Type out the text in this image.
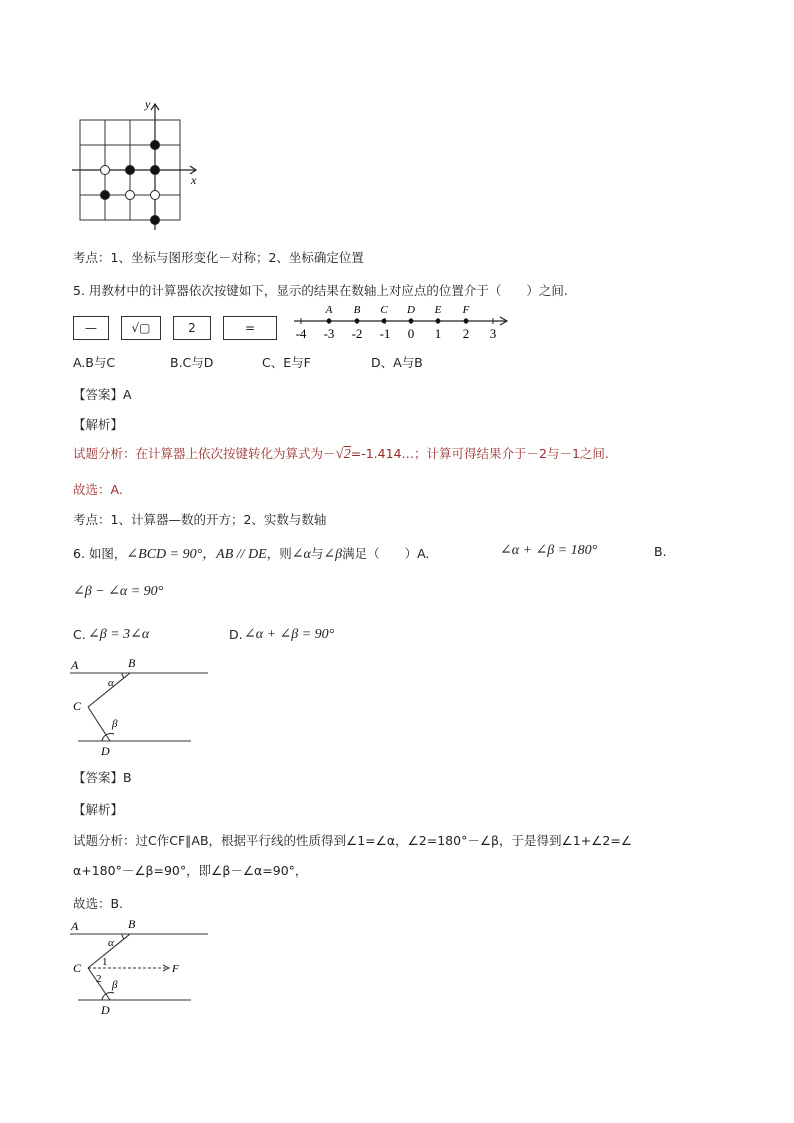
y
x
考点：1、坐标与图形变化－对称；2、坐标确定位置
5. 用教材中的计算器依次按键如下，显示的结果在数轴上对应点的位置介于（　　）之间.
—	√▢	2	=
A B C D E F
-4 -3 -2 -1 0 1 2 3
A.B与C	B.C与D	C、E与F	D、A与B
【答案】A
【解析】
试题分析：在计算器上依次按键转化为算式为－√2=-1.414…；计算可得结果介于－2与－1之间.
故选：A.
考点：1、计算器—数的开方；2、实数与数轴
6. 如图，∠BCD = 90°，AB // DE，则∠α与∠β满足（　　）A.	∠α + ∠β = 180°	B.
∠β − ∠α = 90°
C. ∠β = 3∠α	D. ∠α + ∠β = 90°
A	B
α
C
β
D
【答案】B
【解析】
试题分析：过C作CF∥AB，根据平行线的性质得到∠1=∠α，∠2=180°－∠β，于是得到∠1+∠2=∠
α+180°－∠β=90°，即∠β－∠α=90°，
故选：B.
A	B
α
C 1
F
2 β
D
